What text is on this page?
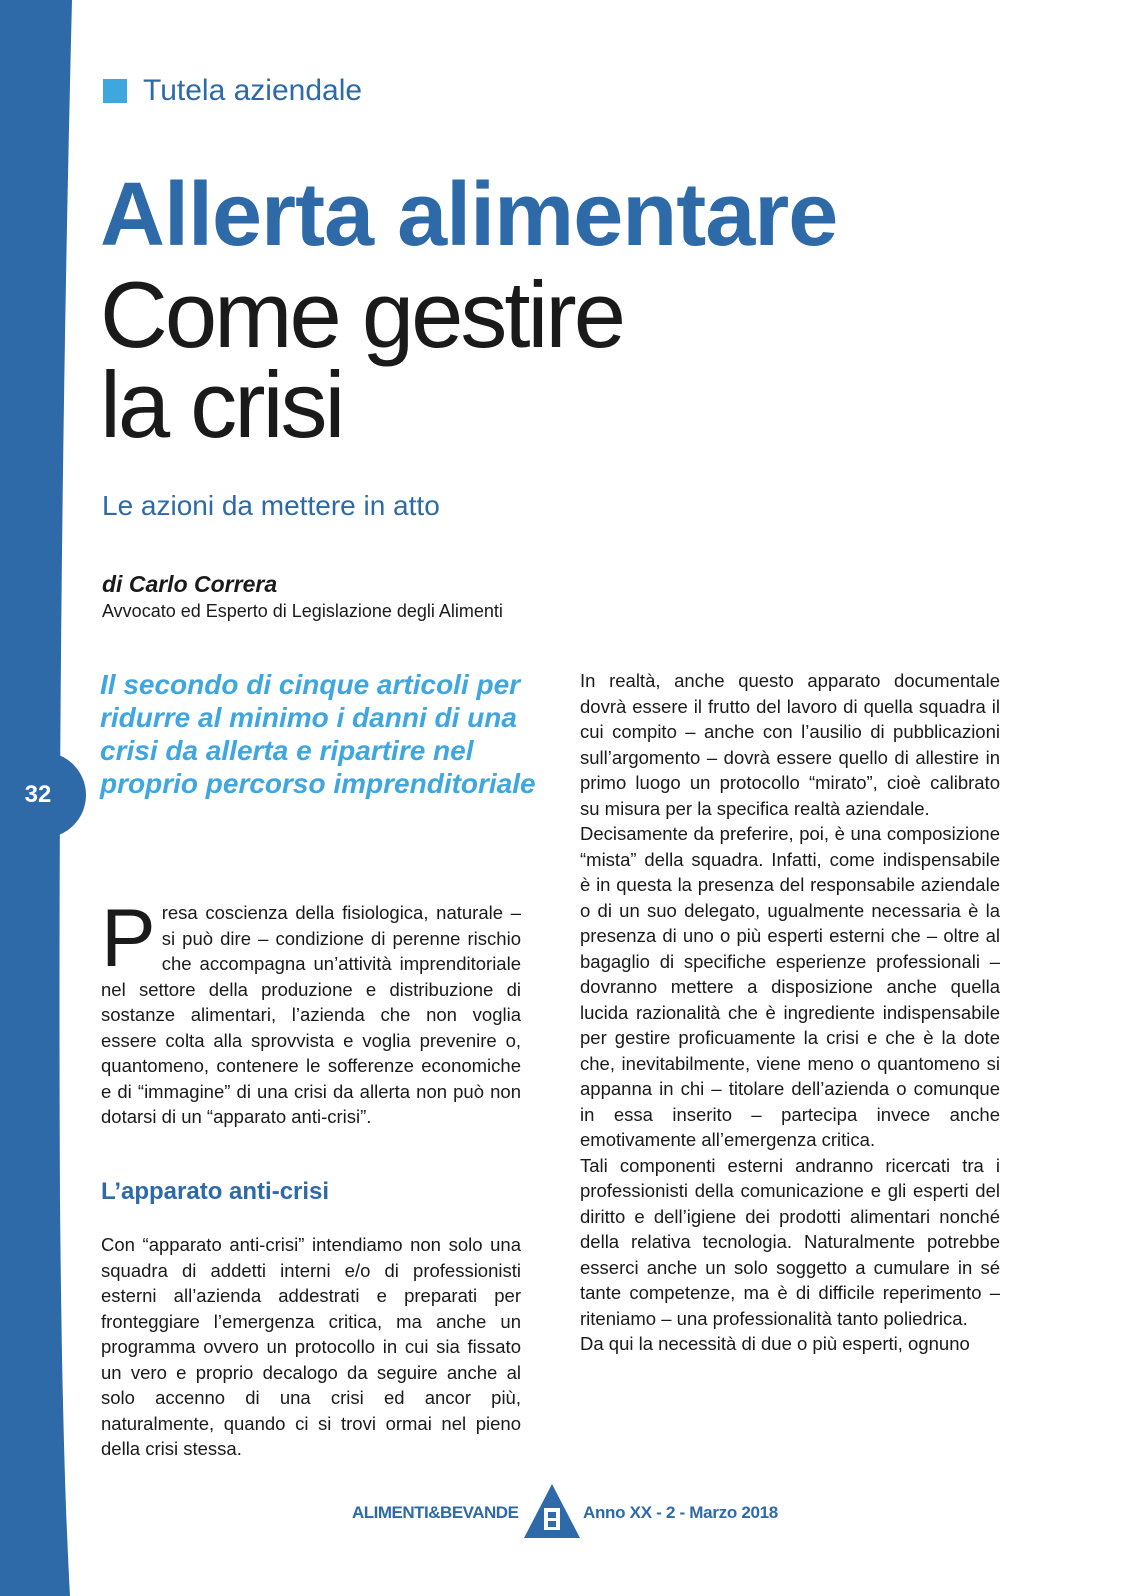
32
Tutela aziendale
Allerta alimentare
Come gestire
la crisi
Le azioni da mettere in atto
di Carlo Correra
Avvocato ed Esperto di Legislazione degli Alimenti

Il secondo di cinque articoli per ridurre al minimo i danni di una crisi da allerta e ripartire nel proprio percorso imprenditoriale

Presa coscienza della fisiologica, naturale – si può dire – condizione di perenne rischio che accompagna un’attività imprenditoriale nel settore della produzione e distribuzione di sostanze alimentari, l’azienda che non voglia essere colta alla sprovvista e voglia prevenire o, quantomeno, contenere le sofferenze economiche e di “immagine” di una crisi da allerta non può non dotarsi di un “apparato anti-crisi”.

L’apparato anti-crisi

Con “apparato anti-crisi” intendiamo non solo una squadra di addetti interni e/o di professionisti esterni all’azienda addestrati e preparati per fronteggiare l’emergenza critica, ma anche un programma ovvero un protocollo in cui sia fissato un vero e proprio decalogo da seguire anche al solo accenno di una crisi ed ancor più, naturalmente, quando ci si trovi ormai nel pieno della crisi stessa.

In realtà, anche questo apparato documentale dovrà essere il frutto del lavoro di quella squadra il cui compito – anche con l’ausilio di pubblicazioni sull’argomento – dovrà essere quello di allestire in primo luogo un protocollo “mirato”, cioè calibrato su misura per la specifica realtà aziendale.

Decisamente da preferire, poi, è una composizione “mista” della squadra. Infatti, come indispensabile è in questa la presenza del responsabile aziendale o di un suo delegato, ugualmente necessaria è la presenza di uno o più esperti esterni che – oltre al bagaglio di specifiche esperienze professionali – dovranno mettere a disposizione anche quella lucida razionalità che è ingrediente indispensabile per gestire proficuamente la crisi e che è la dote che, inevitabilmente, viene meno o quantomeno si appanna in chi – titolare dell’azienda o comunque in essa inserito – partecipa invece anche emotivamente all’emergenza critica.

Tali componenti esterni andranno ricercati tra i professionisti della comunicazione e gli esperti del diritto e dell’igiene dei prodotti alimentari nonché della relativa tecnologia. Naturalmente potrebbe esserci anche un solo soggetto a cumulare in sé tante competenze, ma è di difficile reperimento – riteniamo – una professionalità tanto poliedrica.

Da qui la necessità di due o più esperti, ognuno

ALIMENTI&BEVANDE	Anno XX - 2 - Marzo 2018
